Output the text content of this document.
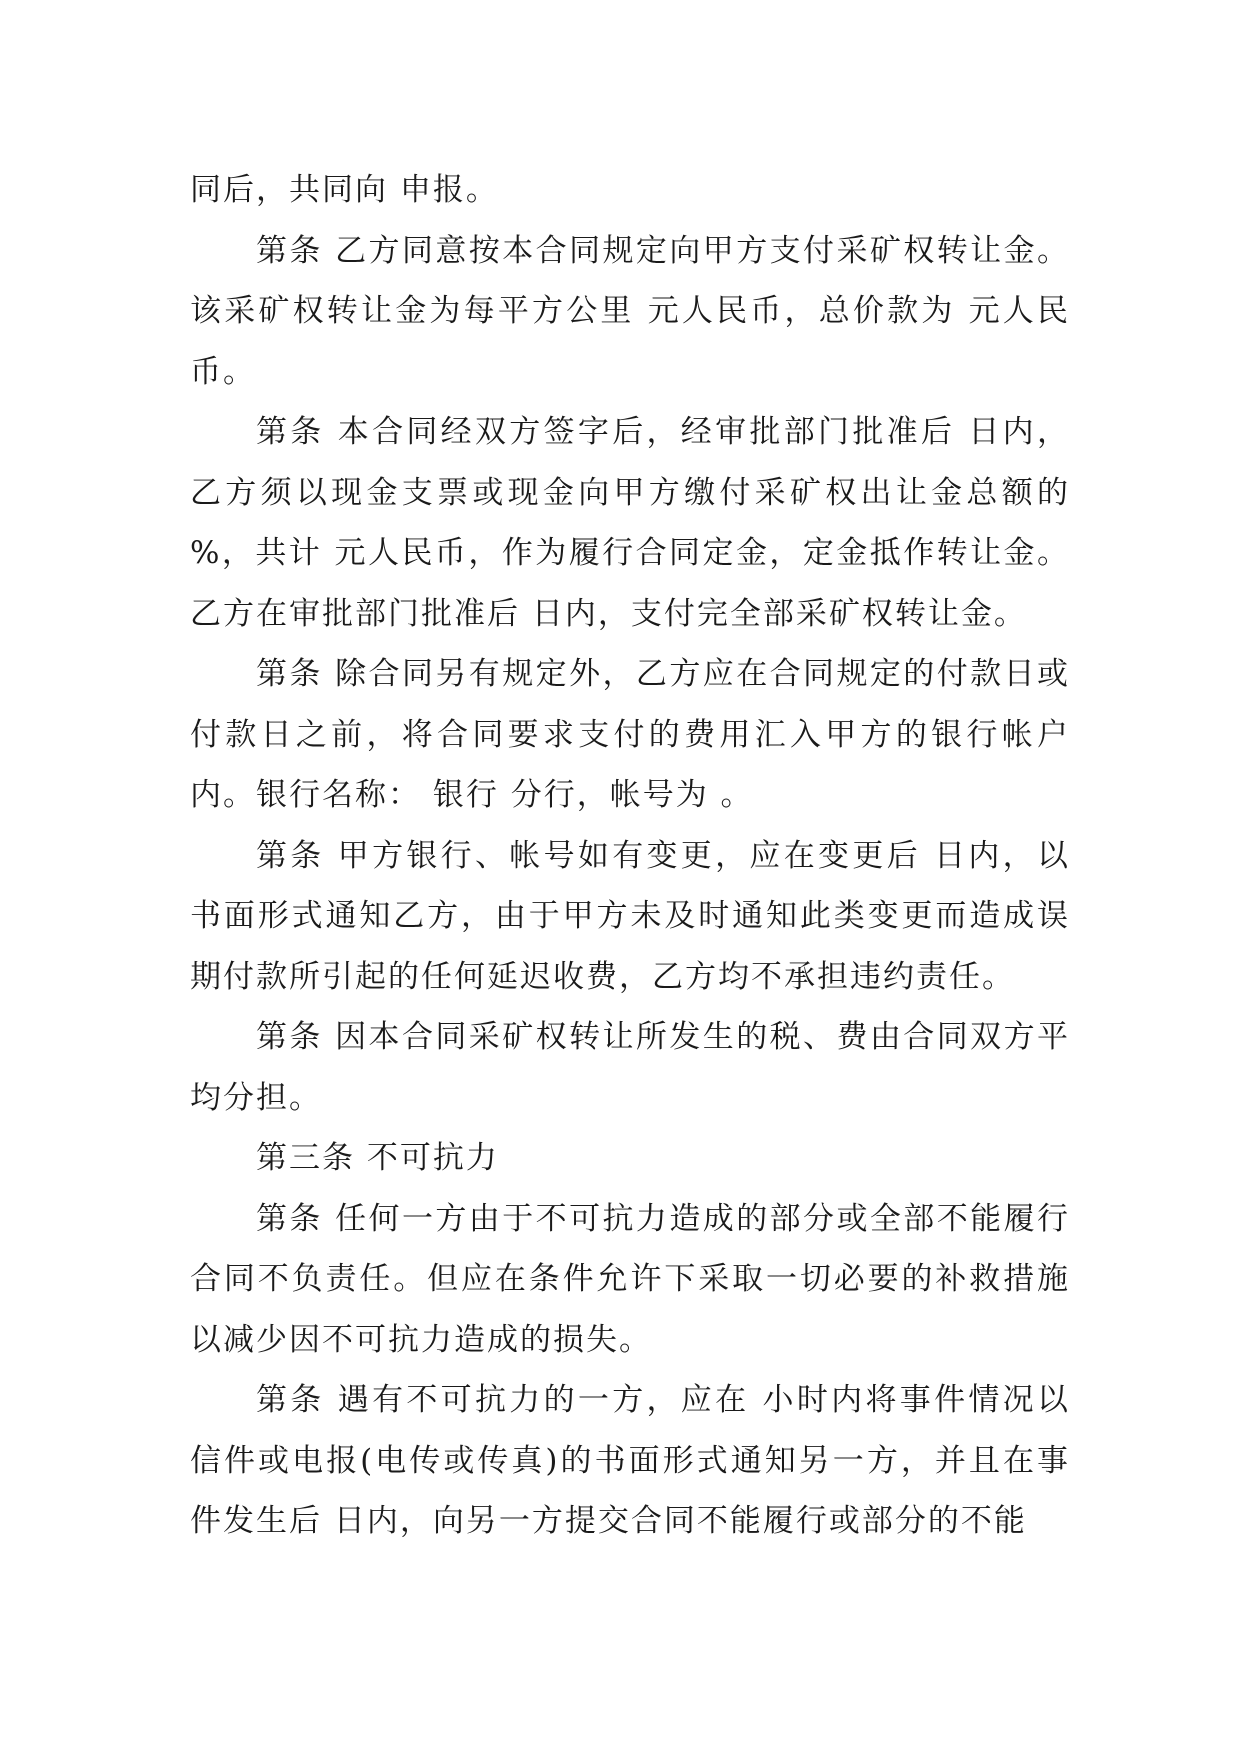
同后，共同向 申报。

第条 乙方同意按本合同规定向甲方支付采矿权转让金。该采矿权转让金为每平方公里 元人民币，总价款为 元人民币。

第条 本合同经双方签字后，经审批部门批准后 日内，乙方须以现金支票或现金向甲方缴付采矿权出让金总额的 %，共计 元人民币，作为履行合同定金，定金抵作转让金。乙方在审批部门批准后 日内，支付完全部采矿权转让金。

第条 除合同另有规定外，乙方应在合同规定的付款日或付款日之前，将合同要求支付的费用汇入甲方的银行帐户内。银行名称： 银行 分行，帐号为 。

第条 甲方银行、帐号如有变更，应在变更后 日内，以书面形式通知乙方，由于甲方未及时通知此类变更而造成误期付款所引起的任何延迟收费，乙方均不承担违约责任。

第条 因本合同采矿权转让所发生的税、费由合同双方平均分担。

第三条 不可抗力

第条 任何一方由于不可抗力造成的部分或全部不能履行合同不负责任。但应在条件允许下采取一切必要的补救措施以减少因不可抗力造成的损失。

第条 遇有不可抗力的一方，应在 小时内将事件情况以信件或电报(电传或传真)的书面形式通知另一方，并且在事件发生后 日内，向另一方提交合同不能履行或部分的不能
